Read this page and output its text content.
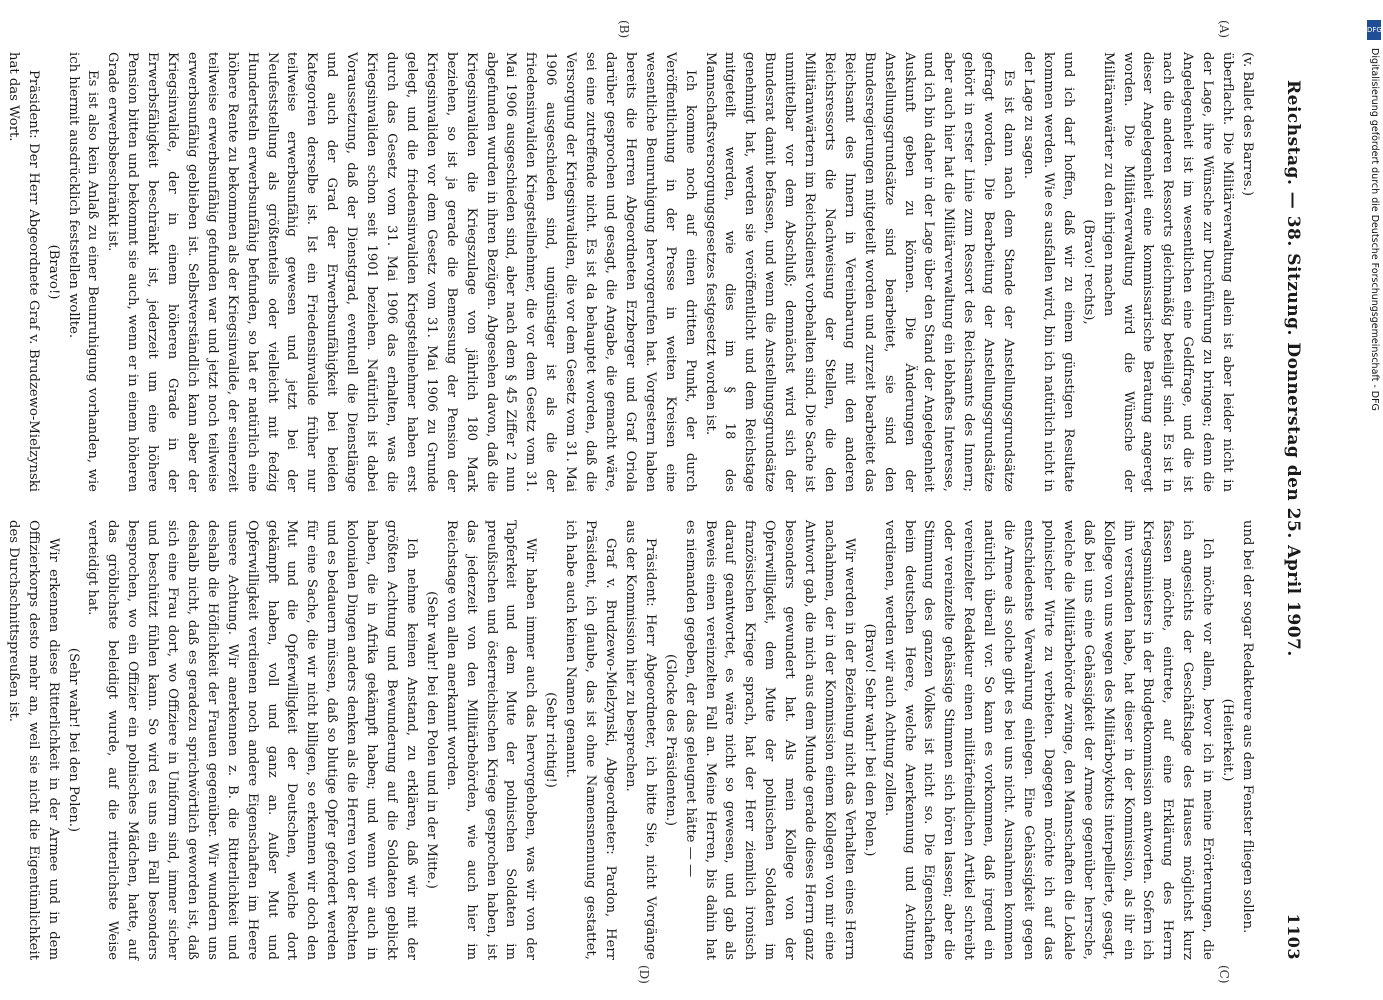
Reichstag. — 38. Sitzung. Donnerstag den 25. April 1907.
1103
(A)
(B)
(C)
(D)

(v. Ballet des Barres.)

überflacht. Die Militärverwaltung allein ist aber leider nicht in der Lage, ihre Wünsche zur Durchführung zu bringen; denn die Angelegenheit ist im wesentlichen eine Geldfrage, und die ist nach die anderen Ressorts gleichmäßig beteiligt sind. Es ist in dieser Angelegenheit eine kommissarische Beratung angeregt worden. Die Militärverwaltung wird die Wünsche der Militäranwärter zu den ihrigen machen

(Bravo! rechts),

und ich darf hoffen, daß wir zu einem günstigen Resultate kommen werden. Wie es ausfallen wird, bin ich natürlich nicht in der Lage zu sagen.

Es ist dann nach dem Stande der Anstellungsgrundsätze gefragt worden. Die Bearbeitung der Anstellungsgrundsätze gehört in erster Linie zum Ressort des Reichsamts des Innern; aber auch hier hat die Militärverwaltung ein lebhaftes Interesse, und ich bin daher in der Lage über den Stand der Angelegenheit Auskunft geben zu können. Die Änderungen der Anstellungsgrundsätze sind bearbeitet, sie sind den Bundesregierungen mitgeteilt worden und zurzeit bearbeitet das Reichsamt des Innern in Vereinbarung mit den anderen Reichsressorts die Nachweisung der Stellen, die den Militäranwärtern im Reichsdienst vorbehalten sind. Die Sache ist unmittelbar vor dem Abschluß; demnächst wird sich der Bundesrat damit befassen, und wenn die Anstellungsgrundsätze genehmigt hat, werden sie veröffentlicht und dem Reichstage mitgeteilt werden, wie dies im § 18 des Mannschaftsversorgungsgesetzes festgesetzt worden ist.

Ich komme noch auf einen dritten Punkt, der durch Veröffentlichung in der Presse in weiten Kreisen eine wesentliche Beunruhigung hervorgerufen hat. Vorgestern haben bereits die Herren Abgeordneten Erzberger und Graf Oriola darüber gesprochen und gesagt, die Angabe, die gemacht wäre, sei eine zutreffende nicht. Es ist da behauptet worden, daß die Versorgung der Kriegsinvaliden, die vor dem Gesetz vom 31. Mai 1906 ausgeschieden sind, ungünstiger ist als die der friedensinvaliden Kriegsteilnehmer, die vor dem Gesetz vom 31. Mai 1906 ausgeschieden sind, aber nach dem § 45 Ziffer 2 nun abgefunden wurden in ihren Bezügen. Abgesehen davon, daß die Kriegsinvaliden die Kriegszulage von jährlich 180 Mark beziehen, so ist ja gerade die Bemessung der Pension der Kriegsinvaliden vor dem Gesetz vom 31. Mai 1906 zu Grunde gelegt, und die friedensinvaliden Kriegsteilnehmer haben erst durch das Gesetz vom 31. Mai 1906 das erhalten, was die Kriegsinvaliden schon seit 1901 beziehen. Natürlich ist dabei Voraussetzung, daß der Dienstgrad, eventuell die Dienstlänge und auch der Grad der Erwerbsunfähigkeit bei beiden Kategorien derselbe ist. Ist ein Friedensinvalide früher nur teilweise erwerbsunfähig gewesen und jetzt bei der Neufeststellung als größtenteils oder vielleicht mit fedzig Hundertsteln erwerbsunfähig befunden, so hat er natürlich eine höhere Rente zu bekommen als der Kriegsinvalide, der seinerzeit teilweise erwerbsunfähig gefunden war und jetzt noch teilweise erwerbsunfähig geblieben ist. Selbstverständlich kann aber der Kriegsinvalide, der in einem höheren Grade in der Erwerbsfähigkeit beschränkt ist, jederzeit um eine höhere Pension bitten und bekommt sie auch, wenn er in einem höheren Grade erwerbsbeschränkt ist.

Es ist also kein Anlaß zu einer Beunruhigung vorhanden, wie ich hiermit ausdrücklich feststellen wollte.

(Bravo!)

Präsident: Der Herr Abgeordnete Graf v. Brudzewo-Mielzynski hat das Wort.

und bei der sogar Redakteure aus dem Fenster fliegen sollen.

(Heiterkeit.)

Ich möchte vor allem, bevor ich in meine Erörterungen, die ich angesichts der Geschäftslage des Hauses möglichst kurz fassen möchte, eintrete, auf eine Erklärung des Herrn Kriegsministers in der Budgetkommission antworten. Sofern ich ihn verstanden habe, hat dieser in der Kommission, als ihr ein Kollege von uns wegen des Militärboykotts interpellierte, gesagt, daß bei uns eine Gehässigkeit der Armee gegenüber herrsche, welche die Militärbehörde zwinge, den Mannschaften die Lokale polnischer Wirte zu verbieten. Dagegen möchte ich auf das entschiedenste Verwahrung einlegen. Eine Gehässigkeit gegen die Armee als solche gibt es bei uns nicht. Ausnahmen kommen natürlich überall vor. So kann es vorkommen, daß irgend ein vereinzelter Redakteur einen militärfeindlichen Artikel schreibt oder vereinzelte gehässige Stimmen sich hören lassen; aber die Stimmung des ganzen Volkes ist nicht so. Die Eigenschaften beim deutschen Heere, welche Anerkennung und Achtung verdienen, werden wir auch Achtung zollen.

(Bravo! Sehr wahr! bei den Polen.)

Wir werden in der Beziehung nicht das Verhalten eines Herrn nachahmen, der in der Kommission einem Kollegen von mir eine Antwort gab, die mich aus dem Munde gerade dieses Herrn ganz besonders gewundert hat. Als mein Kollege von der Opferwilligkeit, dem Mute der polnischen Soldaten im französischen Kriege sprach, hat der Herr ziemlich ironisch darauf geantwortet, es wäre nicht so gewesen, und gab als Beweis einen vereinzelten Fall an. Meine Herren, bis dahin hat es niemanden gegeben, der das geleugnet hätte — —

(Glocke des Präsidenten.)

Präsident: Herr Abgeordneter, ich bitte Sie, nicht Vorgänge aus der Kommission hier zu besprechen.

Graf v. Brudzewo-Mielzynski, Abgeordneter: Pardon, Herr Präsident, ich glaube, das ist ohne Namensnennung gestattet, ich habe auch keinen Namen genannt.

(Sehr richtig!)

Wir haben immer auch das hervorgehoben, was wir von der Tapferkeit und dem Mute der polnischen Soldaten im preußischen und österreichischen Kriege gesprochen haben, ist das jederzeit von den Militärbehörden, wie auch hier im Reichstage von allen anerkannt worden.

(Sehr wahr! bei den Polen und in der Mitte.)

Ich nehme keinen Anstand, zu erklären, daß wir mit der größten Achtung und Bewunderung auf die Soldaten geblickt haben, die in Afrika gekämpft haben; und wenn wir auch in kolonialen Dingen anders denken als die Herren von der Rechten und es bedauern müssen, daß so blutige Opfer gefordert werden für eine Sache, die wir nicht billigen, so erkennen wir doch den Mut und die Opferwilligkeit der Deutschen, welche dort gekämpft haben, voll und ganz an. Außer Mut und Opferwilligkeit verdienen noch andere Eigenschaften im Heere unsere Achtung. Wir anerkennen z. B. die Ritterlichkeit und deshalb die Höflichkeit der Frauen gegenüber. Wir wundern uns deshalb nicht, daß es geradezu sprichwörtlich geworden ist, daß sich eine Frau dort, wo Offiziere in Uniform sind, immer sicher und beschützt fühlen kann. So wird es uns ein Fall besonders besprochen, wo ein Offizier ein polnisches Mädchen, hatte, auf das gröblichste beleidigt wurde, auf die ritterlichste Weise verteidigt hat.

(Sehr wahr! bei den Polen.)

Wir erkennen diese Ritterlichkeit in der Armee und in dem Offizierkorps desto mehr an, weil sie nicht die Eigentümlichkeit des Durchschnittspreußen ist.

DFG
Digitalisierung gefördert durch die Deutsche Forschungsgemeinschaft - DFG
